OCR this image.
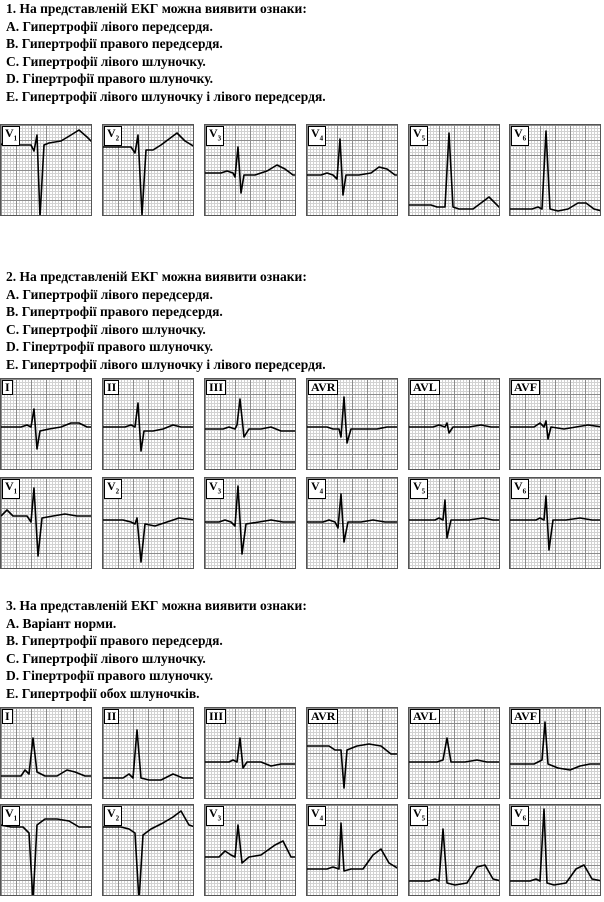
1. На представленій ЕКГ можна виявити ознаки:
А. Гипертрофії лівого передсердя.
В. Гипертрофії правого передсердя.
С. Гипертрофії лівого шлуночку.
D. Гіпертрофії правого шлуночку.
Е. Гипертрофії лівого шлуночку і лівого передсердя.
$V_1$	$V_2$	$V_3$	$V_4$	$V_5$	$V_6$
2. На представленій ЕКГ можна виявити ознаки:
А. Гипертрофії лівого передсердя.
В. Гипертрофії правого передсердя.
С. Гипертрофії лівого шлуночку.
D. Гіпертрофії правого шлуночку.
Е. Гипертрофії лівого шлуночку і лівого передсердя.
I	II	III	AVR	AVL	AVF
$V_1$	$V_2$	$V_3$	$V_4$	$V_5$	$V_6$
3. На представленій ЕКГ можна виявити ознаки:
А. Варіант норми.
В. Гипертрофії правого передсердя.
С. Гипертрофії лівого шлуночку.
D. Гіпертрофії правого шлуночку.
Е. Гипертрофії обох шлуночків.
I	II	III	AVR	AVL	AVF
$V_1$	$V_2$	$V_3$	$V_4$	$V_5$	$V_6$
